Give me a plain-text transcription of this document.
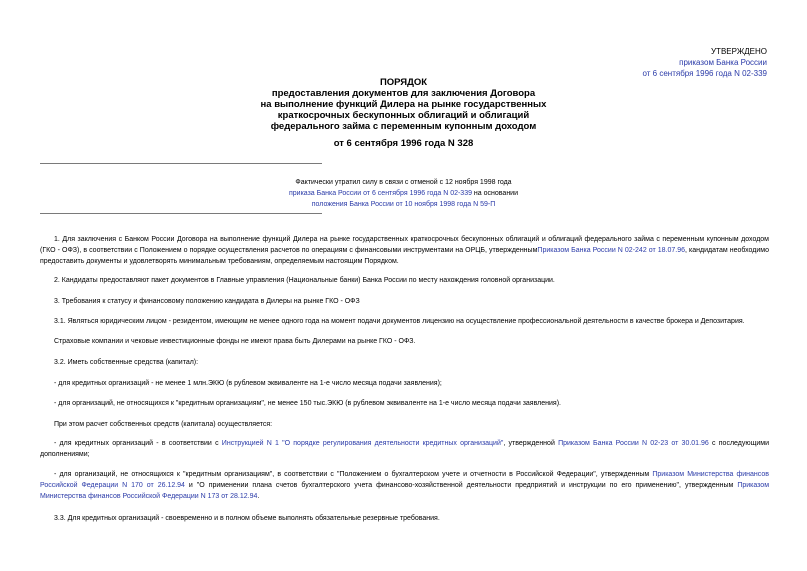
УТВЕРЖДЕНО
приказом Банка России
от 6 сентября 1996 года N 02-339
ПОРЯДОК
предоставления документов для заключения Договора
на выполнение функций Дилера на рынке государственных
краткосрочных бескупонных облигаций и облигаций
федерального займа с переменным купонным доходом
от 6 сентября 1996 года N 328
Фактически утратил силу в связи с отменой с 12 ноября 1998 года
приказа Банка России от 6 сентября 1996 года N 02-339 на основании
положения Банка России от 10 ноября 1998 года N 59-П
1. Для заключения с Банком России Договора на выполнение функций Дилера на рынке государственных краткосрочных бескупонных облигаций и облигаций федерального займа с переменным купонным доходом (ГКО - ОФЗ), в соответствии с Положением о порядке осуществления расчетов по операциям с финансовыми инструментами на ОРЦБ, утвержденнымПриказом Банка России N 02-242 от 18.07.96, кандидатам необходимо предоставить документы и удовлетворять минимальным требованиям, определяемым настоящим Порядком.
2. Кандидаты предоставляют пакет документов в Главные управления (Национальные банки) Банка России по месту нахождения головной организации.
3. Требования к статусу и финансовому положению кандидата в Дилеры на рынке ГКО - ОФЗ
3.1. Являться юридическим лицом - резидентом, имеющим не менее одного года на момент подачи документов лицензию на осуществление профессиональной деятельности в качестве брокера и Депозитария.
Страховые компании и чековые инвестиционные фонды не имеют права быть Дилерами на рынке ГКО - ОФЗ.
3.2. Иметь собственные средства (капитал):
- для кредитных организаций - не менее 1 млн.ЭКЮ (в рублевом эквиваленте на 1-е число месяца подачи заявления);
- для организаций, не относящихся к "кредитным организациям", не менее 150 тыс.ЭКЮ (в рублевом эквиваленте на 1-е число месяца подачи заявления).
При этом расчет собственных средств (капитала) осуществляется:
- для кредитных организаций - в соответствии с Инструкцией N 1 "О порядке регулирования деятельности кредитных организаций", утвержденной Приказом Банка России N 02-23 от 30.01.96 с последующими дополнениями;
- для организаций, не относящихся к "кредитным организациям", в соответствии с "Положением о бухгалтерском учете и отчетности в Российской Федерации", утвержденным Приказом Министерства финансов Российской Федерации N 170 от 26.12.94 и "О применении плана счетов бухгалтерского учета финансово-хозяйственной деятельности предприятий и инструкции по его применению", утвержденным Приказом Министерства финансов Российской Федерации N 173 от 28.12.94.
3.3. Для кредитных организаций - своевременно и в полном объеме выполнять обязательные резервные требования.
